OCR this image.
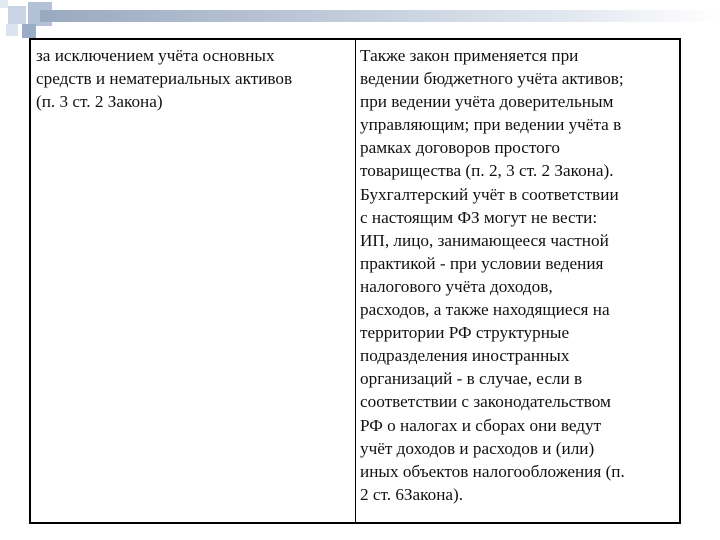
за исключением учёта основных
средств и нематериальных активов
(п. 3 ст. 2 Закона)
Также закон применяется при
ведении бюджетного учёта активов;
при ведении учёта доверительным
управляющим; при ведении учёта в
рамках договоров простого
товарищества (п. 2, 3 ст. 2 Закона).
Бухгалтерский учёт в соответствии
с настоящим ФЗ могут не вести:
ИП, лицо, занимающееся частной
практикой - при условии ведения
налогового учёта доходов,
расходов, а также находящиеся на
территории РФ структурные
подразделения иностранных
организаций - в случае, если в
соответствии с законодательством
РФ о налогах и сборах они ведут
учёт доходов и расходов и (или)
иных объектов налогообложения (п.
2 ст. 6Закона).
